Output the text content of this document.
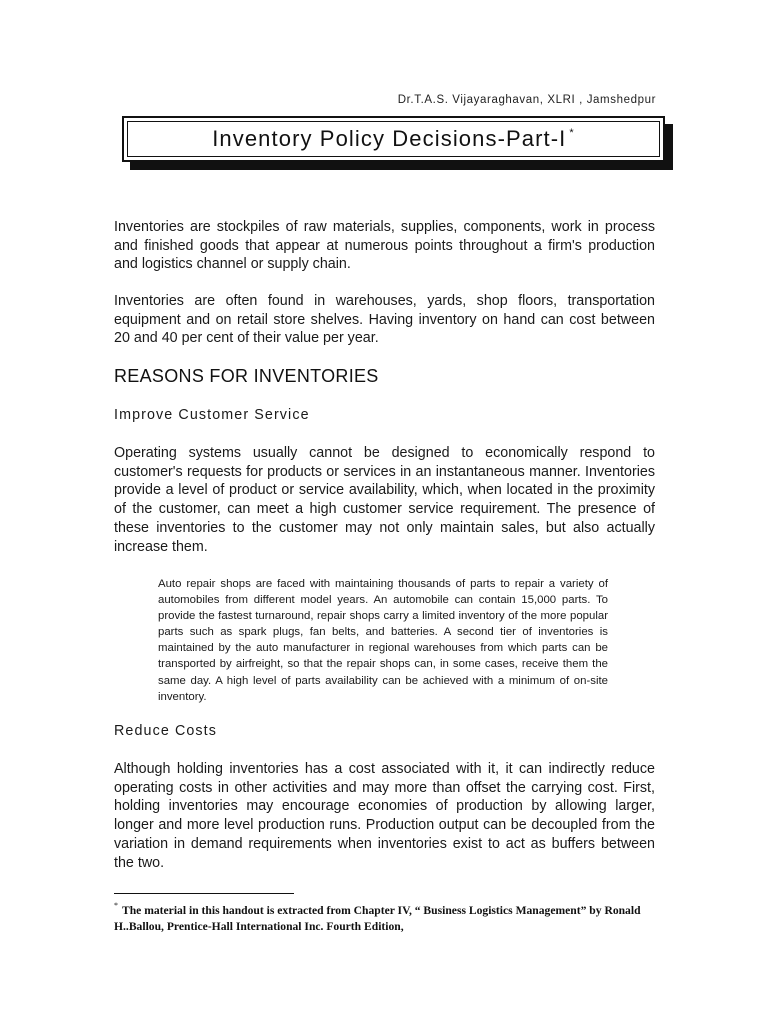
Dr.T.A.S. Vijayaraghavan, XLRI , Jamshedpur
Inventory Policy Decisions-Part-I *

Inventories are stockpiles of raw materials, supplies, components, work in process and finished goods that appear at numerous points throughout a firm's production and logistics channel or supply chain.

Inventories are often found in warehouses, yards, shop floors, transportation equipment and on retail store shelves. Having inventory on hand can cost between 20 and 40 per cent of their value per year.

REASONS FOR INVENTORIES
Improve Customer Service

Operating systems usually cannot be designed to economically respond to customer's requests for products or services in an instantaneous manner. Inventories provide a level of product or service availability, which, when located in the proximity of the customer, can meet a high customer service requirement. The presence of these inventories to the customer may not only maintain sales, but also actually increase them.

Auto repair shops are faced with maintaining thousands of parts to repair a variety of automobiles from different model years. An automobile can contain 15,000 parts. To provide the fastest turnaround, repair shops carry a limited inventory of the more popular parts such as spark plugs, fan belts, and batteries. A second tier of inventories is maintained by the auto manufacturer in regional warehouses from which parts can be transported by airfreight, so that the repair shops can, in some cases, receive them the same day. A high level of parts availability can be achieved with a minimum of on-site inventory.

Reduce Costs

Although holding inventories has a cost associated with it, it can indirectly reduce operating costs in other activities and may more than offset the carrying cost. First, holding inventories may encourage economies of production by allowing larger, longer and more level production runs. Production output can be decoupled from the variation in demand requirements when inventories exist to act as buffers between the two.

* The material in this handout is extracted from Chapter IV, “ Business Logistics Management” by Ronald H..Ballou, Prentice-Hall International Inc. Fourth Edition,
